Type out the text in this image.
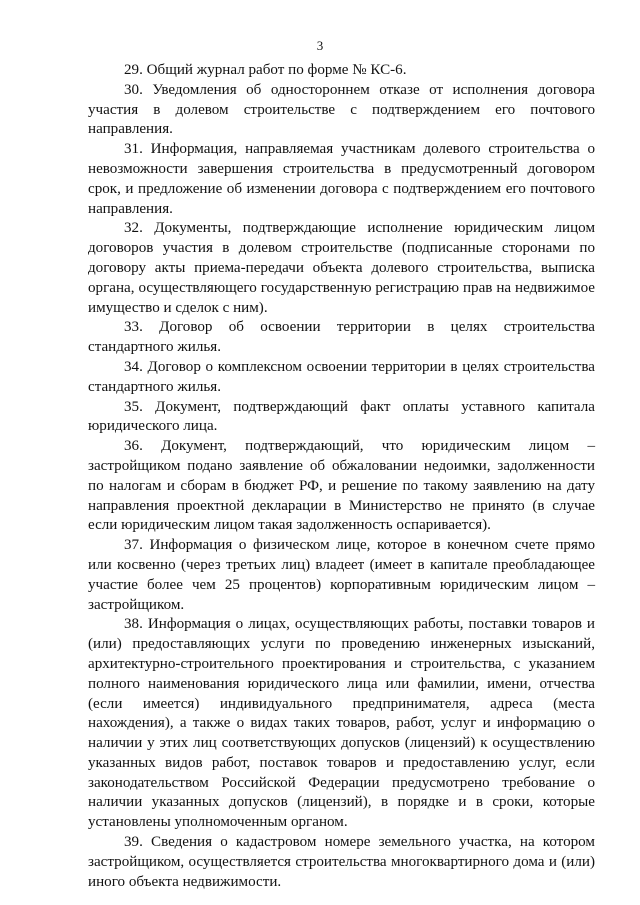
3

29. Общий журнал работ по форме № КС-6.

30. Уведомления об одностороннем отказе от исполнения договора участия в долевом строительстве с подтверждением его почтового направления.

31. Информация, направляемая участникам долевого строительства о невозможности завершения строительства в предусмотренный договором срок, и предложение об изменении договора с подтверждением его почтового направления.

32. Документы, подтверждающие исполнение юридическим лицом договоров участия в долевом строительстве (подписанные сторонами по договору акты приема-передачи объекта долевого строительства, выписка органа, осуществляющего государственную регистрацию прав на недвижимое имущество и сделок с ним).

33. Договор об освоении территории в целях строительства стандартного жилья.

34. Договор о комплексном освоении территории в целях строительства стандартного жилья.

35. Документ, подтверждающий факт оплаты уставного капитала юридического лица.

36. Документ, подтверждающий, что юридическим лицом – застройщиком подано заявление об обжаловании недоимки, задолженности по налогам и сборам в бюджет РФ, и решение по такому заявлению на дату направления проектной декларации в Министерство не принято (в случае если юридическим лицом такая задолженность оспаривается).

37. Информация о физическом лице, которое в конечном счете прямо или косвенно (через третьих лиц) владеет (имеет в капитале преобладающее участие более чем 25 процентов) корпоративным юридическим лицом – застройщиком.

38. Информация о лицах, осуществляющих работы, поставки товаров и (или) предоставляющих услуги по проведению инженерных изысканий, архитектурно-строительного проектирования и строительства, с указанием полного наименования юридического лица или фамилии, имени, отчества (если имеется) индивидуального предпринимателя, адреса (места нахождения), а также о видах таких товаров, работ, услуг и информацию о наличии у этих лиц соответствующих допусков (лицензий) к осуществлению указанных видов работ, поставок товаров и предоставлению услуг, если законодательством Российской Федерации предусмотрено требование о наличии указанных допусков (лицензий), в порядке и в сроки, которые установлены уполномоченным органом.

39. Сведения о кадастровом номере земельного участка, на котором застройщиком, осуществляется строительства многоквартирного дома и (или) иного объекта недвижимости.
